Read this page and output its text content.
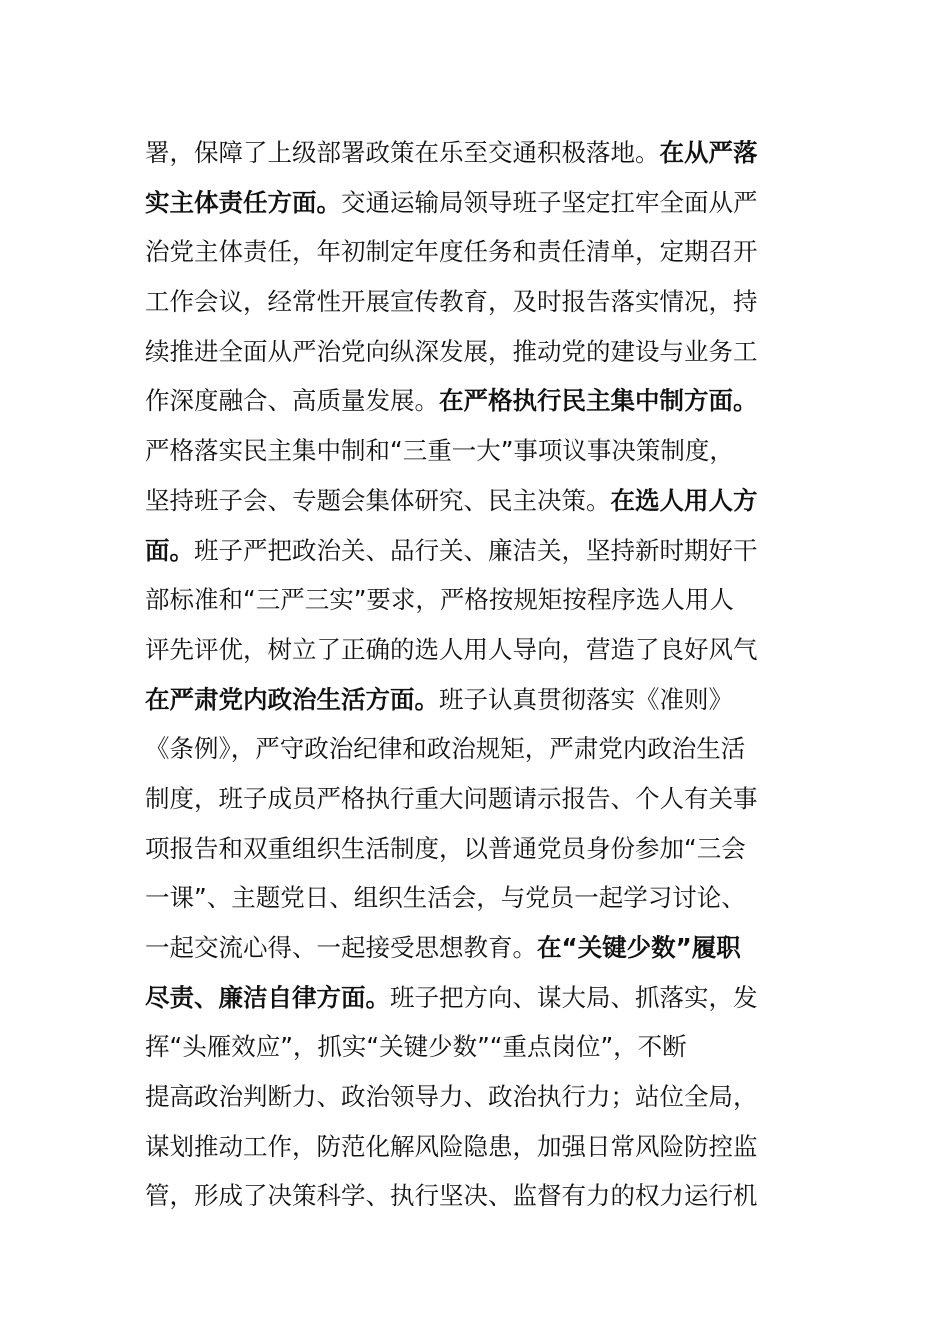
署，保障了上级部署政策在乐至交通积极落地。在从严落
实主体责任方面。交通运输局领导班子坚定扛牢全面从严
治党主体责任，年初制定年度任务和责任清单，定期召开
工作会议，经常性开展宣传教育，及时报告落实情况，持
续推进全面从严治党向纵深发展，推动党的建设与业务工
作深度融合、高质量发展。在严格执行民主集中制方面。
严格落实民主集中制和“三重一大”事项议事决策制度，
坚持班子会、专题会集体研究、民主决策。在选人用人方
面。班子严把政治关、品行关、廉洁关，坚持新时期好干
部标准和“三严三实”要求，严格按规矩按程序选人用人
评先评优，树立了正确的选人用人导向，营造了良好风气
在严肃党内政治生活方面。班子认真贯彻落实《准则》
《条例》，严守政治纪律和政治规矩，严肃党内政治生活
制度，班子成员严格执行重大问题请示报告、个人有关事
项报告和双重组织生活制度，以普通党员身份参加“三会
一课”、主题党日、组织生活会，与党员一起学习讨论、
一起交流心得、一起接受思想教育。在“关键少数”履职
尽责、廉洁自律方面。班子把方向、谋大局、抓落实，发
挥“头雁效应”，抓实“关键少数”“重点岗位”，不断
提高政治判断力、政治领导力、政治执行力；站位全局，
谋划推动工作，防范化解风险隐患，加强日常风险防控监
管，形成了决策科学、执行坚决、监督有力的权力运行机
